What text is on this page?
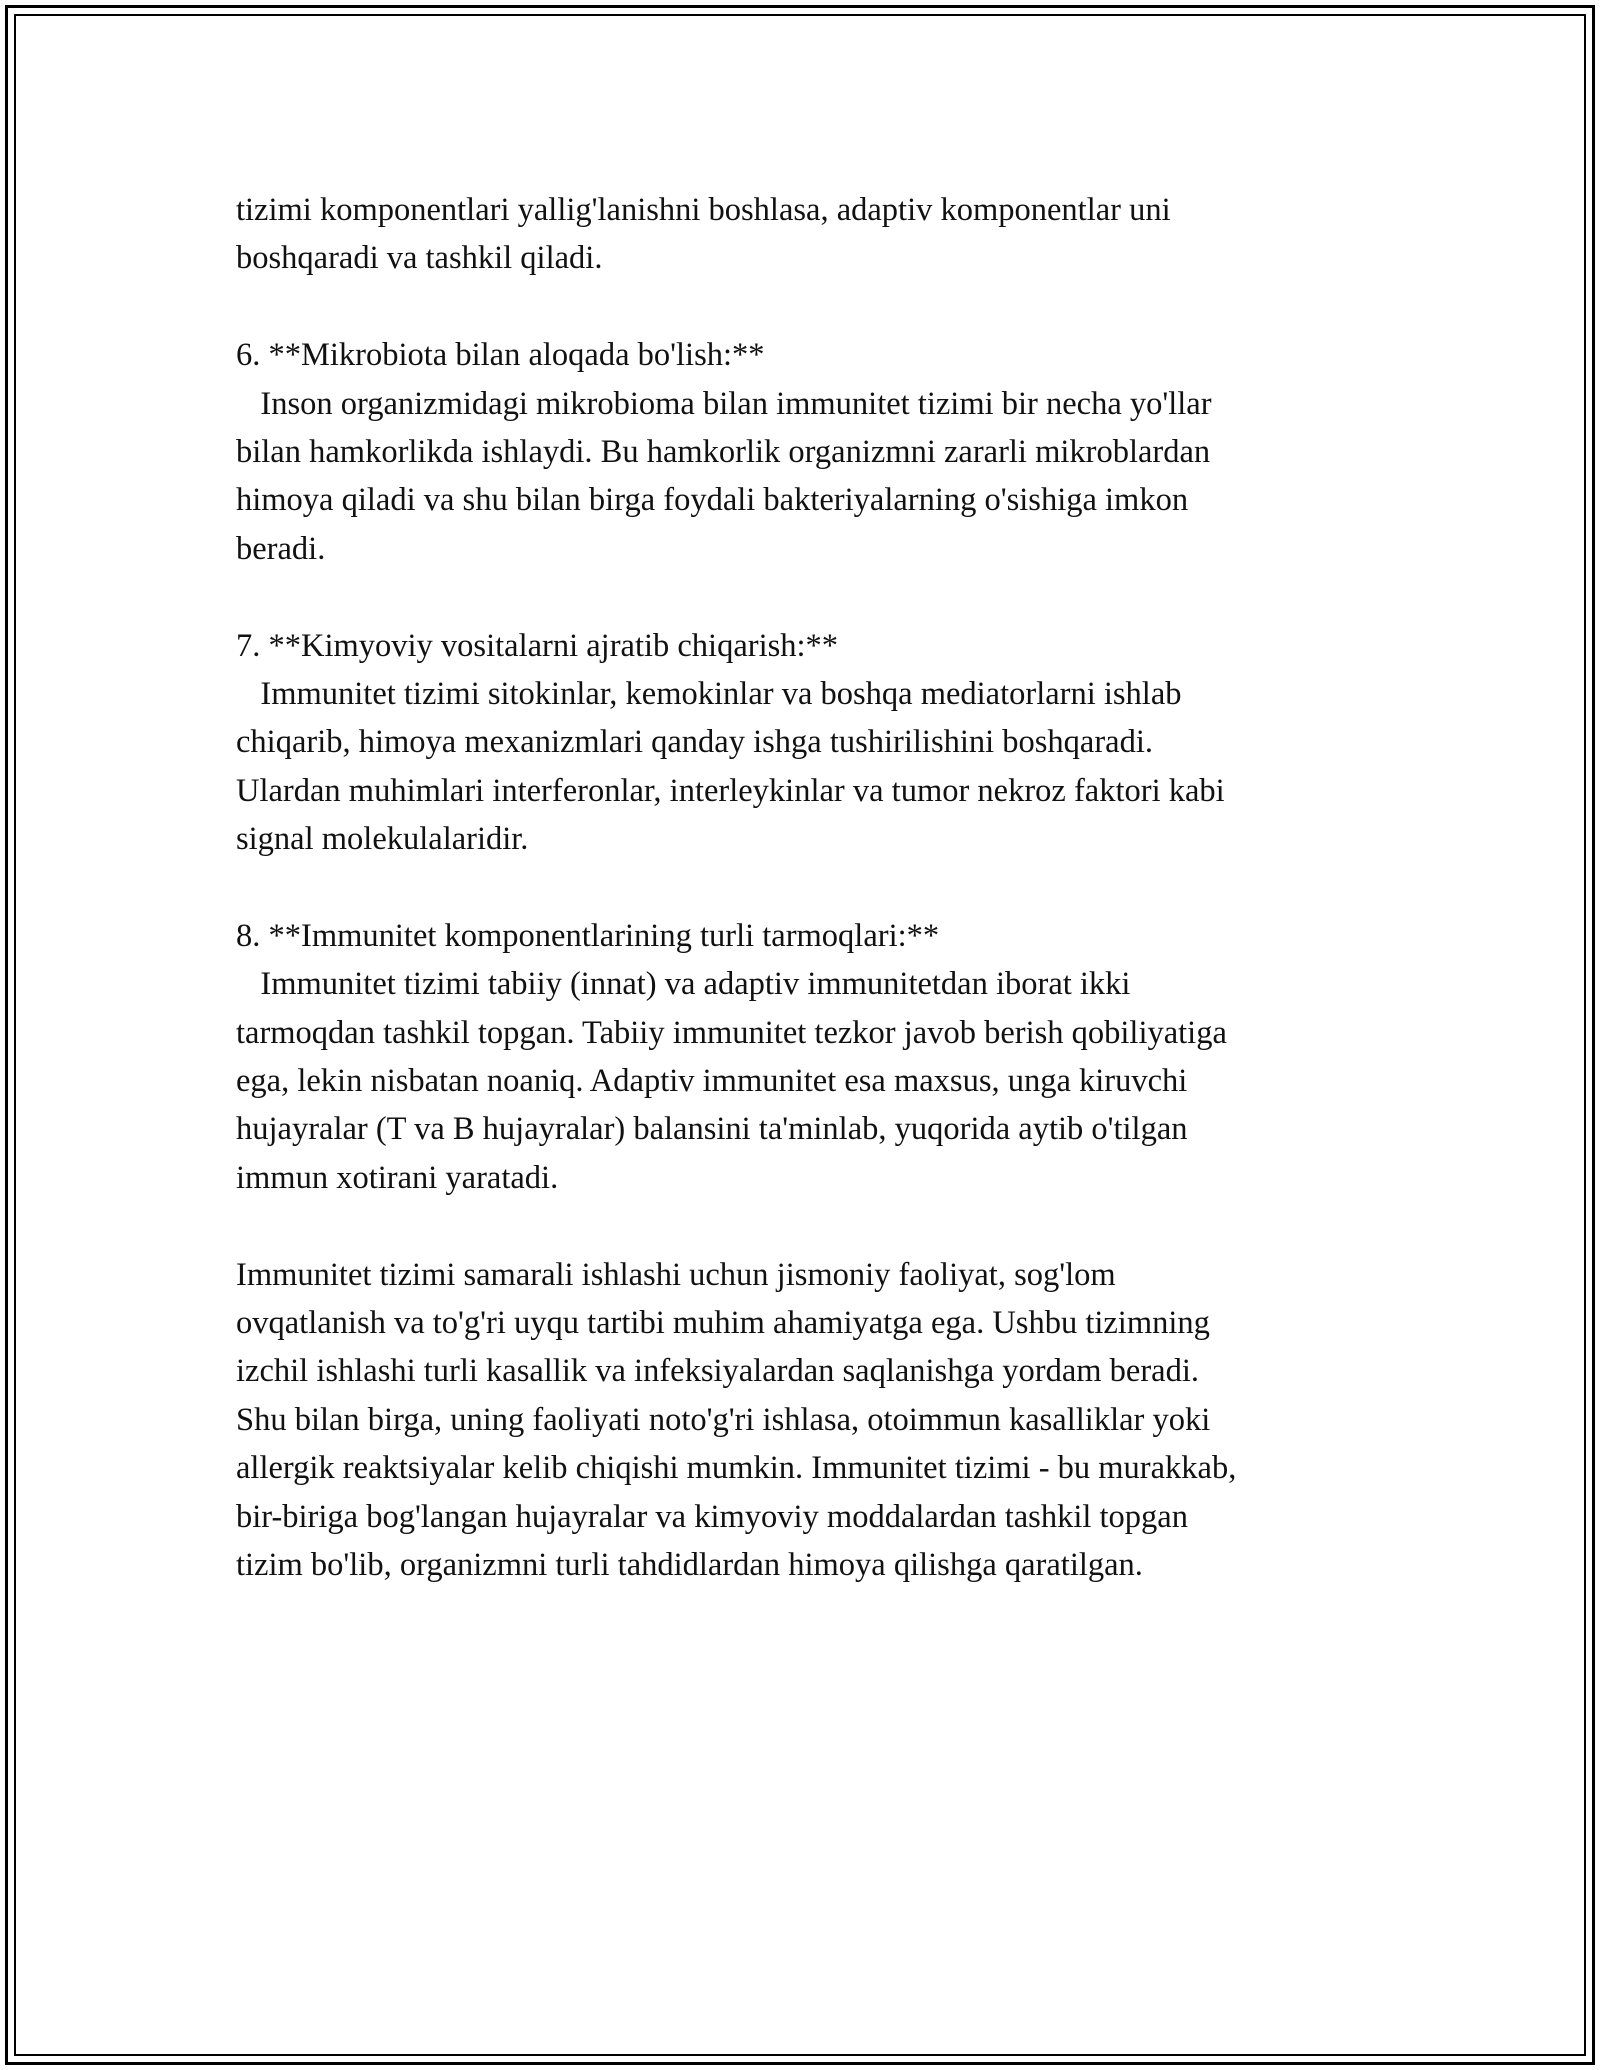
tizimi komponentlari yallig'lanishni boshlasa, adaptiv komponentlar uni
boshqaradi va tashkil qiladi.
6. **Mikrobiota bilan aloqada bo'lish:**
Inson organizmidagi mikrobioma bilan immunitet tizimi bir necha yo'llar
bilan hamkorlikda ishlaydi. Bu hamkorlik organizmni zararli mikroblardan
himoya qiladi va shu bilan birga foydali bakteriyalarning o'sishiga imkon
beradi.
7. **Kimyoviy vositalarni ajratib chiqarish:**
Immunitet tizimi sitokinlar, kemokinlar va boshqa mediatorlarni ishlab
chiqarib, himoya mexanizmlari qanday ishga tushirilishini boshqaradi.
Ulardan muhimlari interferonlar, interleykinlar va tumor nekroz faktori kabi
signal molekulalaridir.
8. **Immunitet komponentlarining turli tarmoqlari:**
Immunitet tizimi tabiiy (innat) va adaptiv immunitetdan iborat ikki
tarmoqdan tashkil topgan. Tabiiy immunitet tezkor javob berish qobiliyatiga
ega, lekin nisbatan noaniq. Adaptiv immunitet esa maxsus, unga kiruvchi
hujayralar (T va B hujayralar) balansini ta'minlab, yuqorida aytib o'tilgan
immun xotirani yaratadi.
Immunitet tizimi samarali ishlashi uchun jismoniy faoliyat, sog'lom
ovqatlanish va to'g'ri uyqu tartibi muhim ahamiyatga ega. Ushbu tizimning
izchil ishlashi turli kasallik va infeksiyalardan saqlanishga yordam beradi.
Shu bilan birga, uning faoliyati noto'g'ri ishlasa, otoimmun kasalliklar yoki
allergik reaktsiyalar kelib chiqishi mumkin. Immunitet tizimi - bu murakkab,
bir-biriga bog'langan hujayralar va kimyoviy moddalardan tashkil topgan
tizim bo'lib, organizmni turli tahdidlardan himoya qilishga qaratilgan.
